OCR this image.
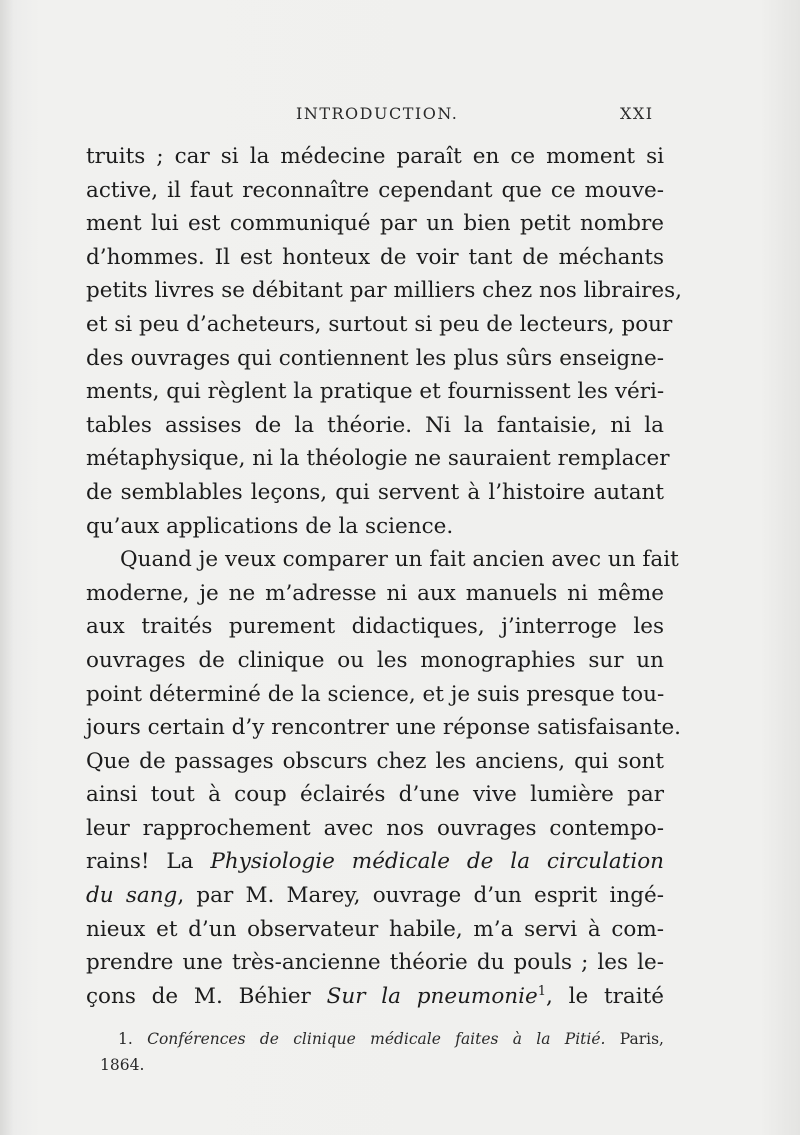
INTRODUCTION.	XXI
truits ; car si la médecine paraît en ce moment si
active, il faut reconnaître cependant que ce mouve-
ment lui est communiqué par un bien petit nombre
d’hommes. Il est honteux de voir tant de méchants
petits livres se débitant par milliers chez nos libraires,
et si peu d’acheteurs, surtout si peu de lecteurs, pour
des ouvrages qui contiennent les plus sûrs enseigne-
ments, qui règlent la pratique et fournissent les véri-
tables assises de la théorie. Ni la fantaisie, ni la
métaphysique, ni la théologie ne sauraient remplacer
de semblables leçons, qui servent à l’histoire autant
qu’aux applications de la science.
Quand je veux comparer un fait ancien avec un fait
moderne, je ne m’adresse ni aux manuels ni même
aux traités purement didactiques, j’interroge les
ouvrages de clinique ou les monographies sur un
point déterminé de la science, et je suis presque tou-
jours certain d’y rencontrer une réponse satisfaisante.
Que de passages obscurs chez les anciens, qui sont
ainsi tout à coup éclairés d’une vive lumière par
leur rapprochement avec nos ouvrages contempo-
rains! La Physiologie médicale de la circulation
du sang, par M. Marey, ouvrage d’un esprit ingé-
nieux et d’un observateur habile, m’a servi à com-
prendre une très-ancienne théorie du pouls ; les le-
çons de M. Béhier Sur la pneumonie$^1$, le traité
1. Conférences de clinique médicale faites à la Pitié. Paris,
1864.
